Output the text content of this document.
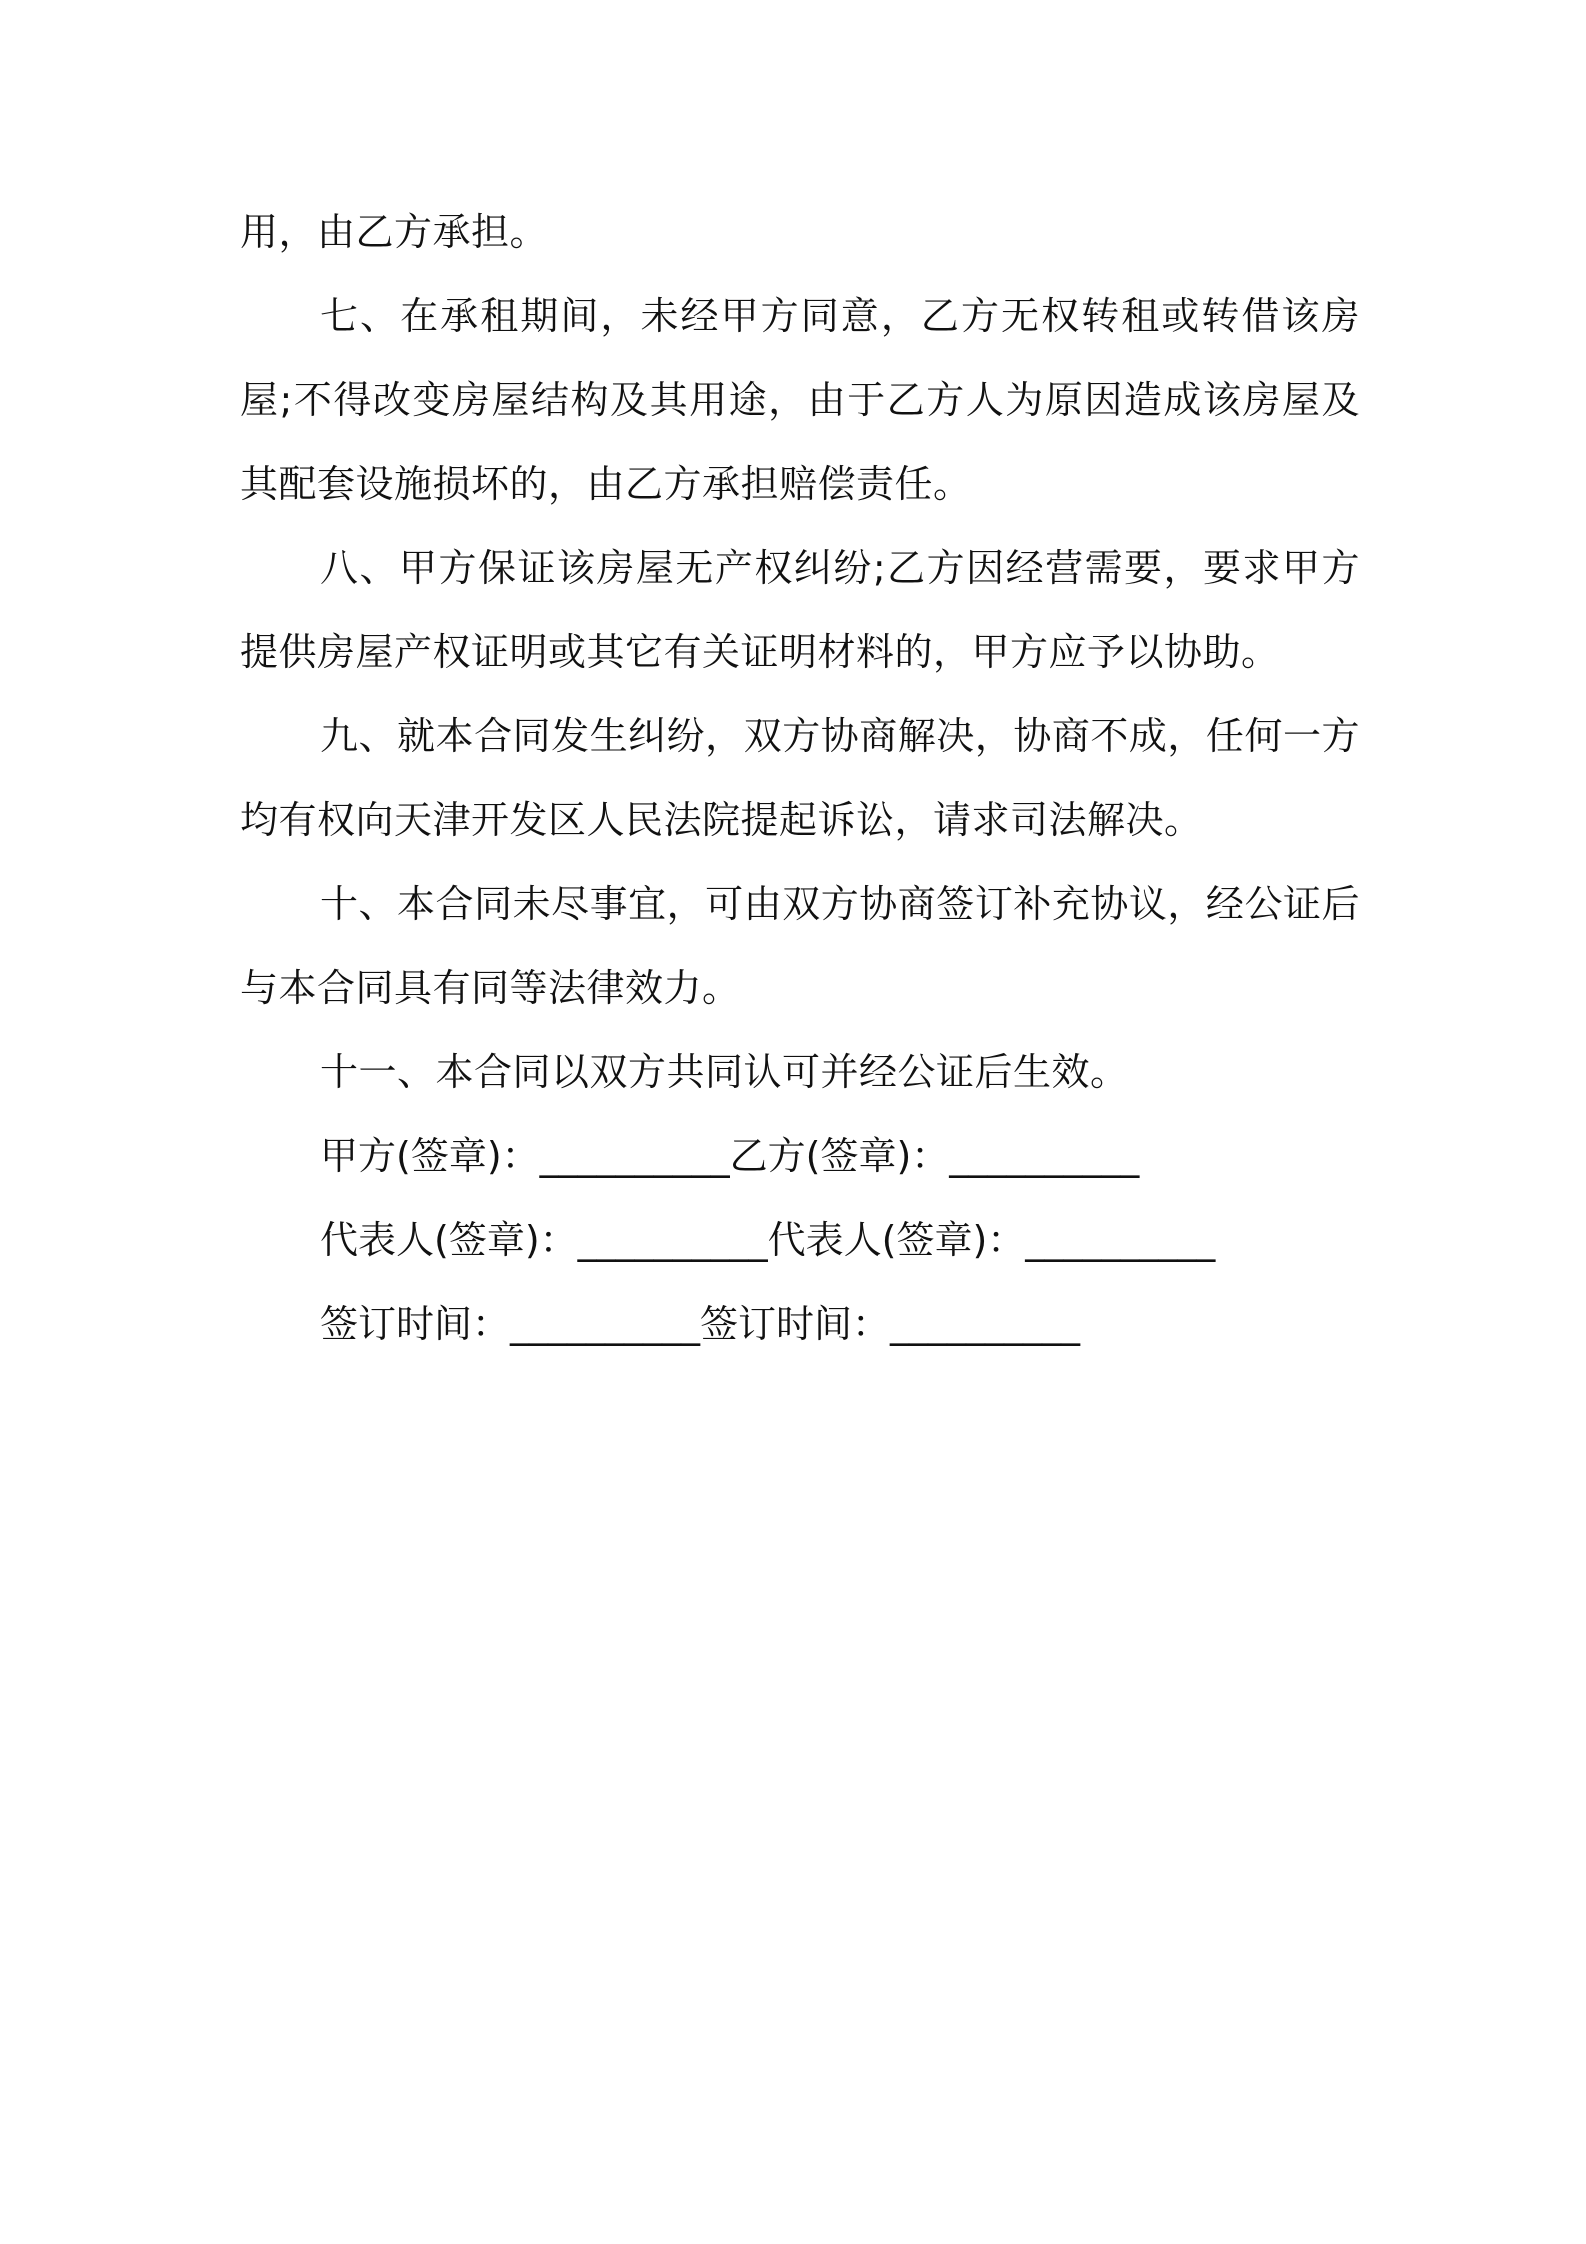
用，由乙方承担。

七、在承租期间，未经甲方同意，乙方无权转租或转借该房屋;不得改变房屋结构及其用途，由于乙方人为原因造成该房屋及其配套设施损坏的，由乙方承担赔偿责任。

八、甲方保证该房屋无产权纠纷;乙方因经营需要，要求甲方提供房屋产权证明或其它有关证明材料的，甲方应予以协助。

九、就本合同发生纠纷，双方协商解决，协商不成，任何一方均有权向天津开发区人民法院提起诉讼，请求司法解决。

十、本合同未尽事宜，可由双方协商签订补充协议，经公证后与本合同具有同等法律效力。

十一、本合同以双方共同认可并经公证后生效。

甲方(签章)：__________乙方(签章)：__________
代表人(签章)：__________代表人(签章)：__________
签订时间：__________签订时间：__________
